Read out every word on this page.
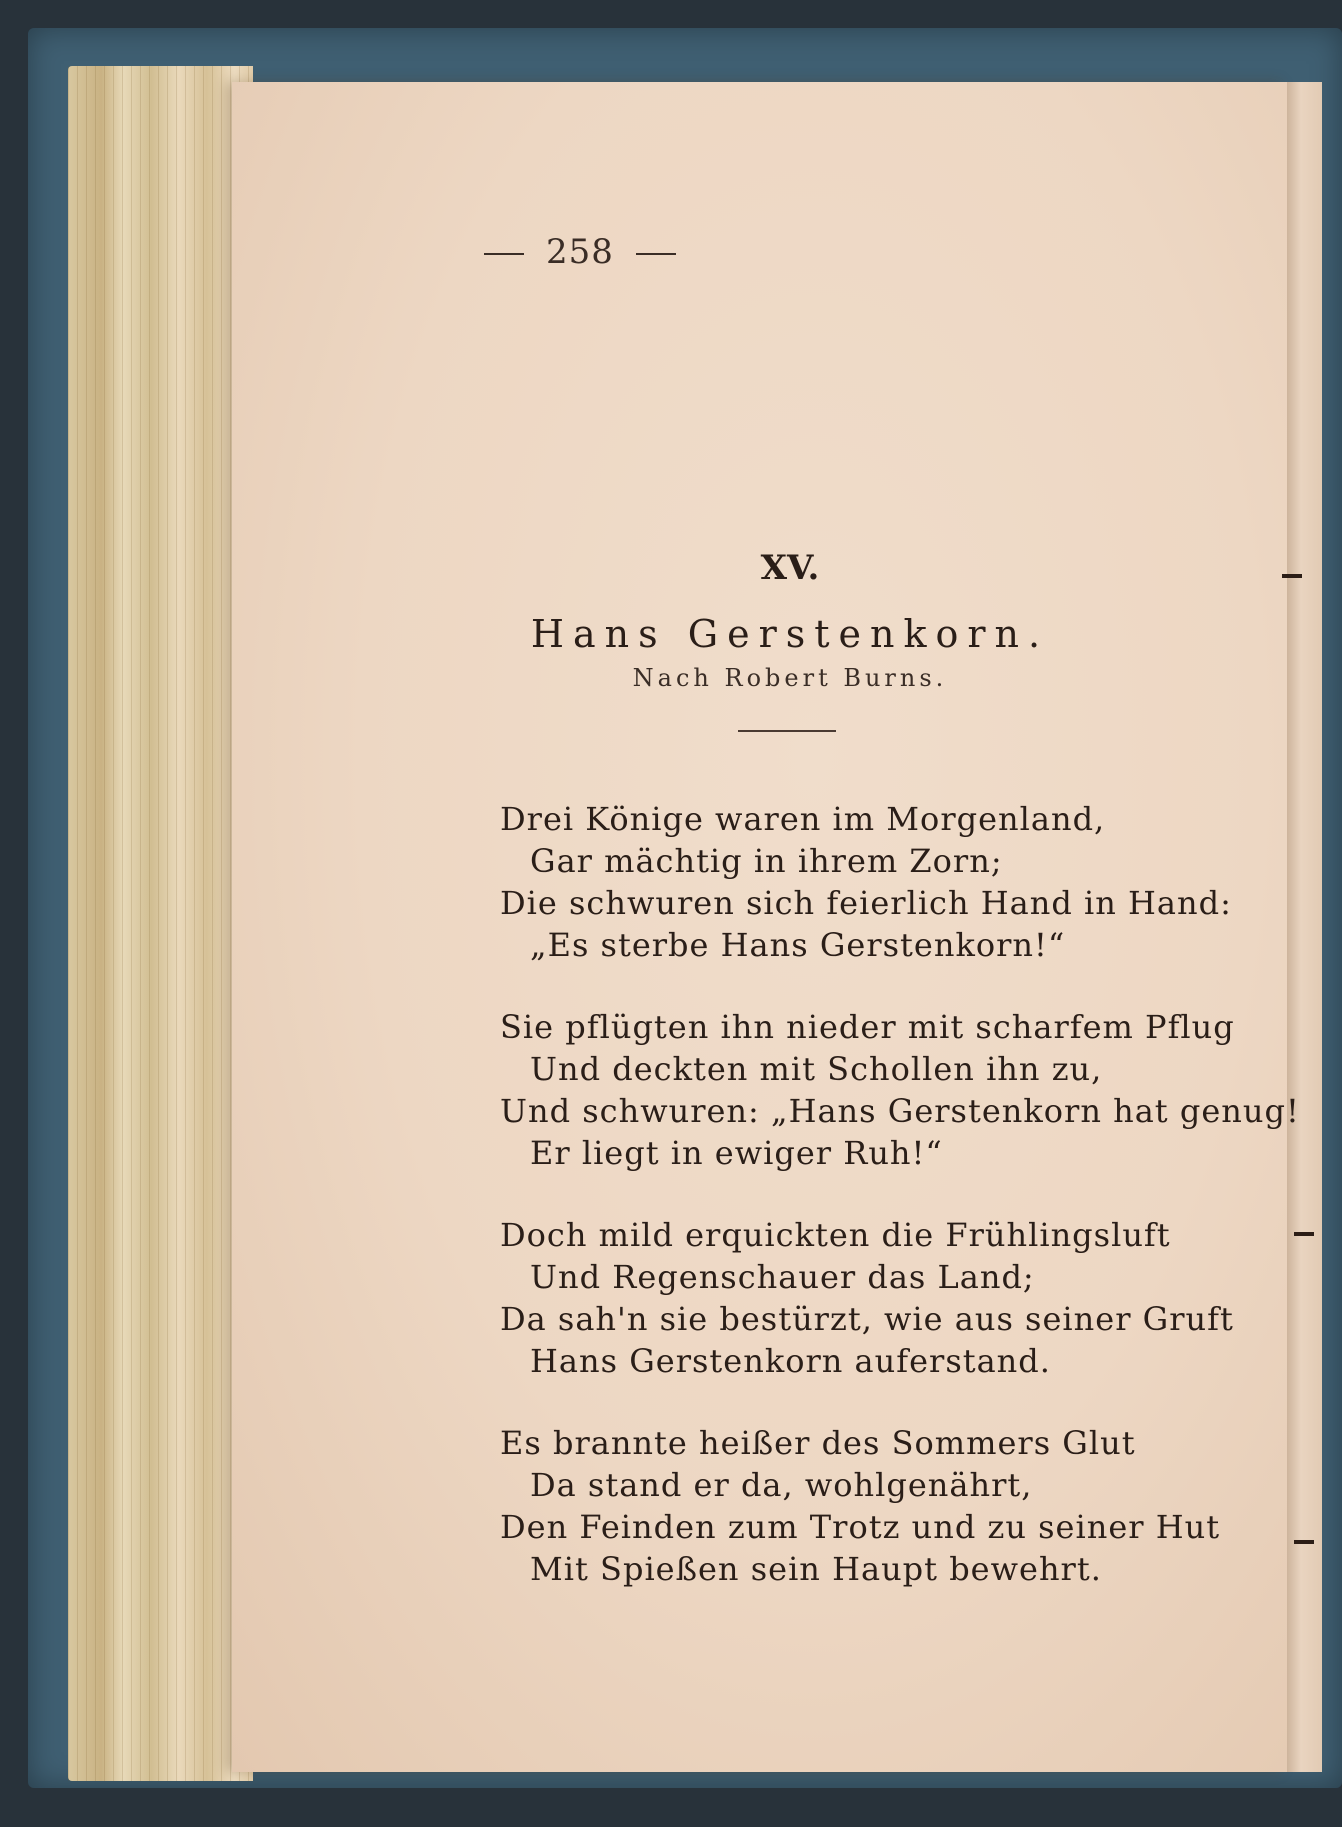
258
XV.
Hans Gerstenkorn.
Nach Robert Burns.
Drei Könige waren im Morgenland,
Gar mächtig in ihrem Zorn;
Die schwuren sich feierlich Hand in Hand:
„Es sterbe Hans Gerstenkorn!“
Sie pflügten ihn nieder mit scharfem Pflug
Und deckten mit Schollen ihn zu,
Und schwuren: „Hans Gerstenkorn hat genug!
Er liegt in ewiger Ruh!“
Doch mild erquickten die Frühlingsluft
Und Regenschauer das Land;
Da sah'n sie bestürzt, wie aus seiner Gruft
Hans Gerstenkorn auferstand.
Es brannte heißer des Sommers Glut
Da stand er da, wohlgenährt,
Den Feinden zum Trotz und zu seiner Hut
Mit Spießen sein Haupt bewehrt.
